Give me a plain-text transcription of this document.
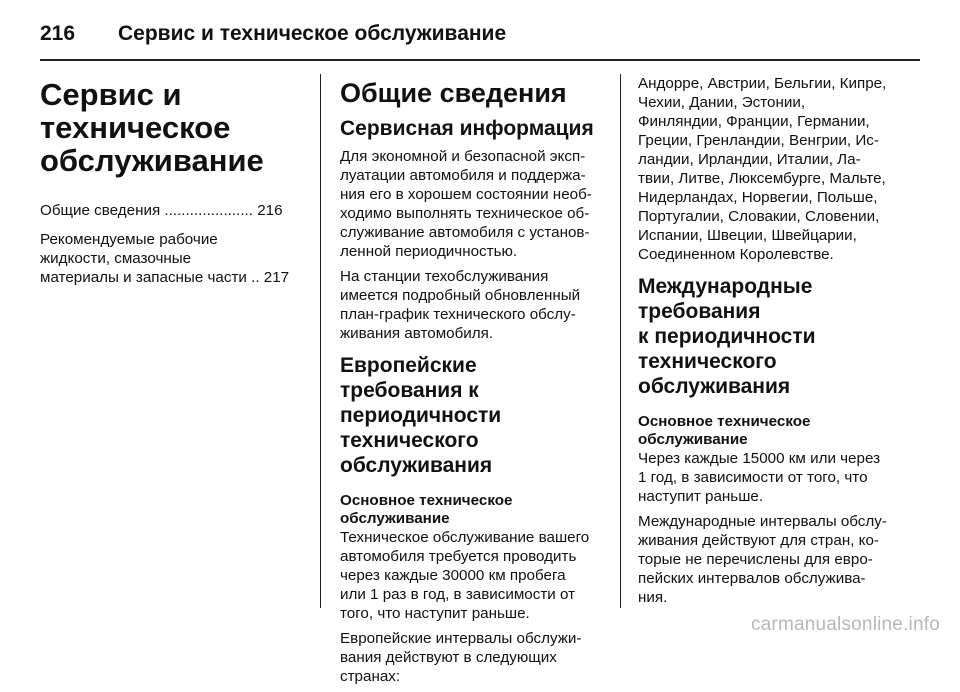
216	Сервис и техническое обслуживание
Сервис и
техническое
обслуживание
Общие сведения ..................... 216
Рекомендуемые рабочие
жидкости, смазочные
материалы и запасные части .. 217
Общие сведения
Сервисная информация
Для экономной и безопасной эксп-
луатации автомобиля и поддержа-
ния его в хорошем состоянии необ-
ходимо выполнять техническое об-
служивание автомобиля с установ-
ленной периодичностью.
На станции техобслуживания
имеется подробный обновленный
план-график технического обслу-
живания автомобиля.
Европейские требования к
периодичности технического
обслуживания
Основное техническое
обслуживание
Техническое обслуживание вашего
автомобиля требуется проводить
через каждые 30000 км пробега
или 1 раз в год, в зависимости от
того, что наступит раньше.
Европейские интервалы обслужи-
вания действуют в следующих
странах:
Андорре, Австрии, Бельгии, Кипре,
Чехии, Дании, Эстонии,
Финляндии, Франции, Германии,
Греции, Гренландии, Венгрии, Ис-
ландии, Ирландии, Италии, Ла-
твии, Литве, Люксембурге, Мальте,
Нидерландах, Норвегии, Польше,
Португалии, Словакии, Словении,
Испании, Швеции, Швейцарии,
Соединенном Королевстве.
Международные требования
к периодичности
технического обслуживания
Основное техническое
обслуживание
Через каждые 15000 км или через
1 год, в зависимости от того, что
наступит раньше.
Международные интервалы обслу-
живания действуют для стран, ко-
торые не перечислены для евро-
пейских интервалов обслужива-
ния.
carmanualsonline.info
